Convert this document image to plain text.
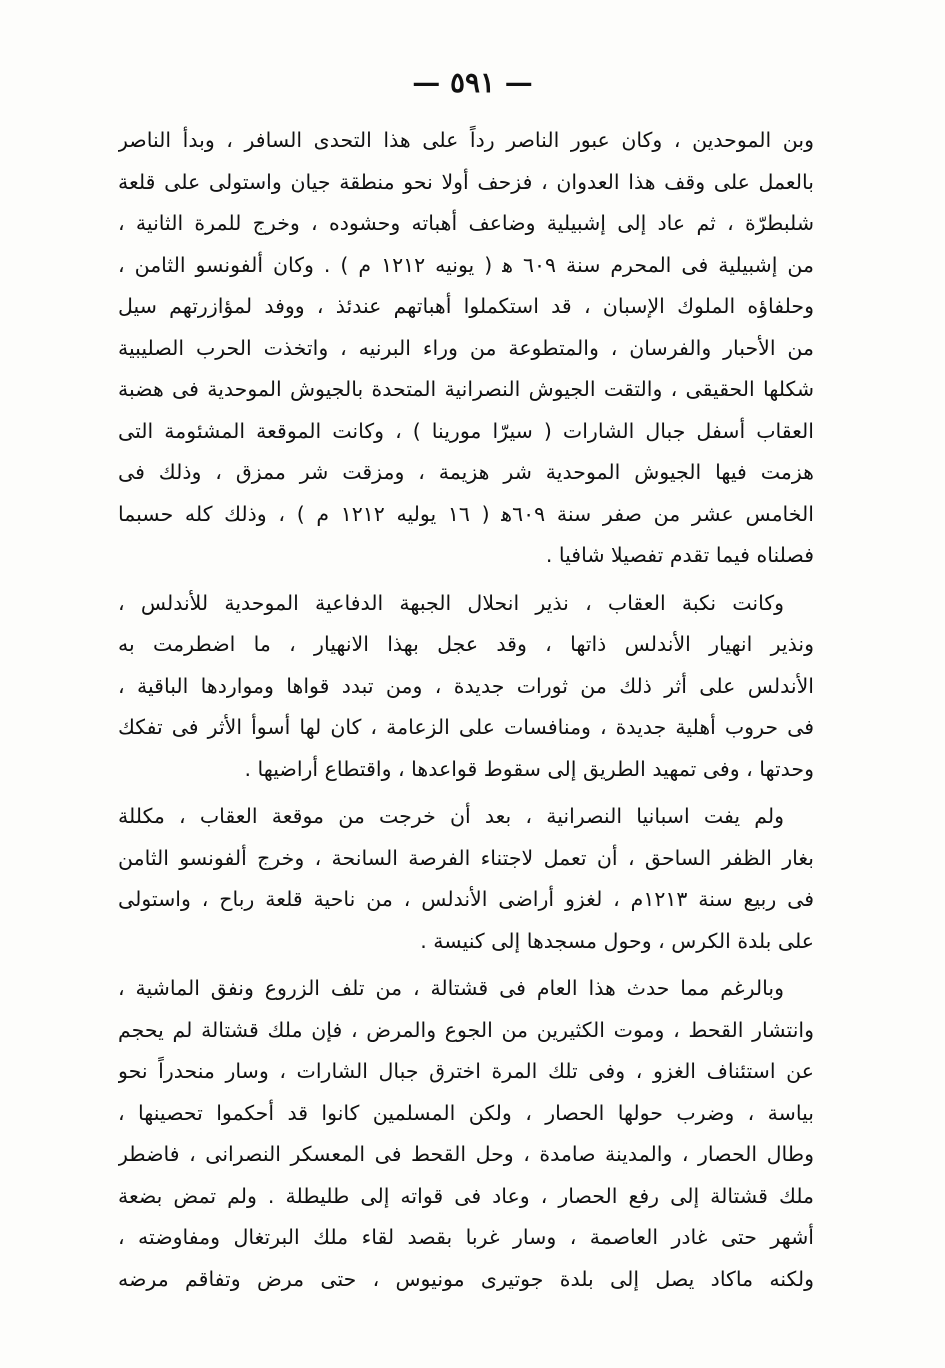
— ٥٩١ —
وبن الموحدين ، وكان عبور الناصر رداً على هذا التحدى السافر ، وبدأ الناصر
بالعمل على وقف هذا العدوان ، فزحف أولا نحو منطقة جيان واستولى على قلعة
شلبطرّة ، ثم عاد إلى إشبيلية وضاعف أهباته وحشوده ، وخرج للمرة الثانية ،
من إشبيلية فى المحرم سنة ٦٠٩ ﻫ ( يونيه ١٢١٢ م ) . وكان ألفونسو الثامن ،
وحلفاؤه الملوك الإسبان ، قد استكملوا أهباتهم عندئذ ، ووفد لمؤازرتهم سيل
من الأحبار والفرسان ، والمتطوعة من وراء البرنيه ، واتخذت الحرب الصليبية
شكلها الحقيقى ، والتقت الجيوش النصرانية المتحدة بالجيوش الموحدية فى هضبة
العقاب أسفل جبال الشارات ( سيرّا مورينا ) ، وكانت الموقعة المشئومة التى
هزمت فيها الجيوش الموحدية شر هزيمة ، ومزقت شر ممزق ، وذلك فى
الخامس عشر من صفر سنة ٦٠٩ﻫ ( ١٦ يوليه ١٢١٢ م ) ، وذلك كله حسبما
فصلناه فيما تقدم تفصيلا شافيا .
وكانت نكبة العقاب ، نذير انحلال الجبهة الدفاعية الموحدية للأندلس ،
ونذير انهيار الأندلس ذاتها ، وقد عجل بهذا الانهيار ، ما اضطرمت به
الأندلس على أثر ذلك من ثورات جديدة ، ومن تبدد قواها ومواردها الباقية ،
فى حروب أهلية جديدة ، ومنافسات على الزعامة ، كان لها أسوأ الأثر فى تفكك
وحدتها ، وفى تمهيد الطريق إلى سقوط قواعدها ، واقتطاع أراضيها .
ولم يفت اسبانيا النصرانية ، بعد أن خرجت من موقعة العقاب ، مكللة
بغار الظفر الساحق ، أن تعمل لاجتناء الفرصة السانحة ، وخرج ألفونسو الثامن
فى ربيع سنة ١٢١٣م ، لغزو أراضى الأندلس ، من ناحية قلعة رباح ، واستولى
على بلدة الكرس ، وحول مسجدها إلى كنيسة .
وبالرغم مما حدث هذا العام فى قشتالة ، من تلف الزروع ونفق الماشية ،
وانتشار القحط ، وموت الكثيرين من الجوع والمرض ، فإن ملك قشتالة لم يحجم
عن استئناف الغزو ، وفى تلك المرة اخترق جبال الشارات ، وسار منحدراً نحو
بياسة ، وضرب حولها الحصار ، ولكن المسلمين كانوا قد أحكموا تحصينها ،
وطال الحصار ، والمدينة صامدة ، وحل القحط فى المعسكر النصرانى ، فاضطر
ملك قشتالة إلى رفع الحصار ، وعاد فى قواته إلى طليطلة . ولم تمض بضعة
أشهر حتى غادر العاصمة ، وسار غربا بقصد لقاء ملك البرتغال ومفاوضته ،
ولكنه ماكاد يصل إلى بلدة جوتيرى مونيوس ، حتى مرض وتفاقم مرضه
